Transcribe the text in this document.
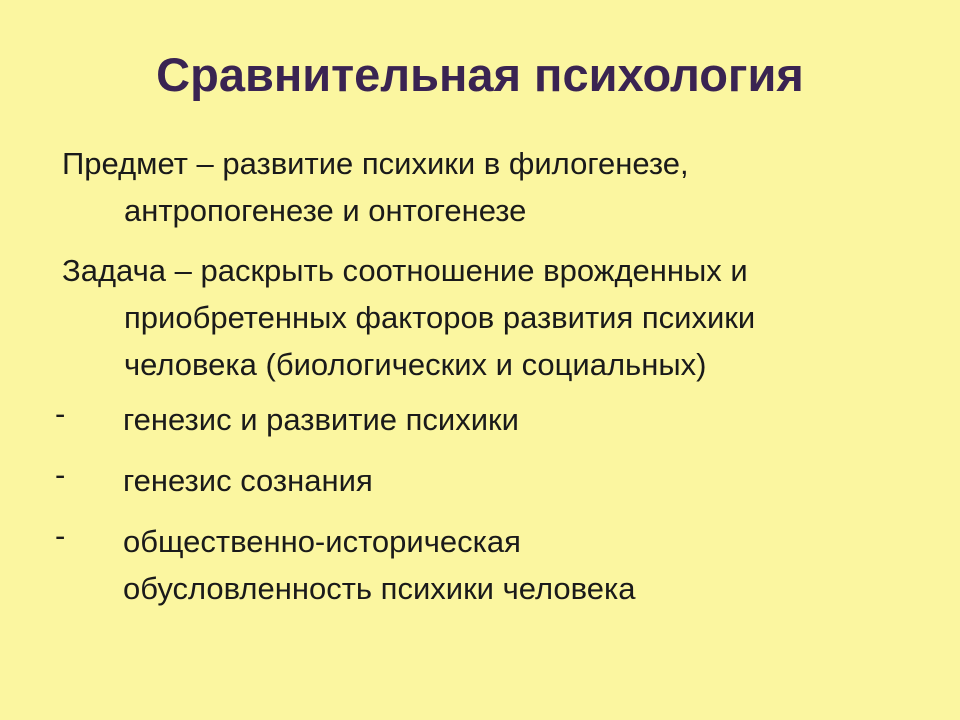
Сравнительная психология

Предмет – развитие психики в филогенезе,
антропогенезе и онтогенезе

Задача – раскрыть соотношение врожденных и
приобретенных факторов развития психики
человека (биологических и социальных)

-	генезис и развитие психики
-	генезис сознания
-	общественно-историческая
обусловленность психики человека
